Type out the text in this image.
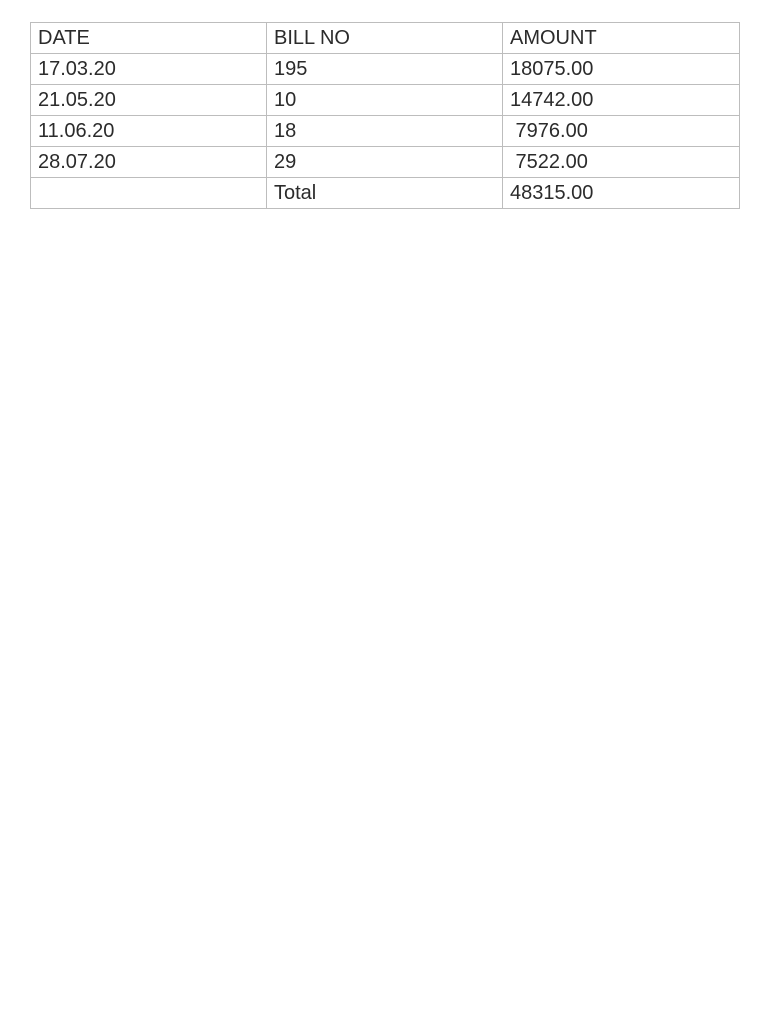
DATE	BILL NO	AMOUNT
17.03.20	195	18075.00
21.05.20	10	14742.00
11.06.20	18	7976.00
28.07.20	29	7522.00
	Total	48315.00
